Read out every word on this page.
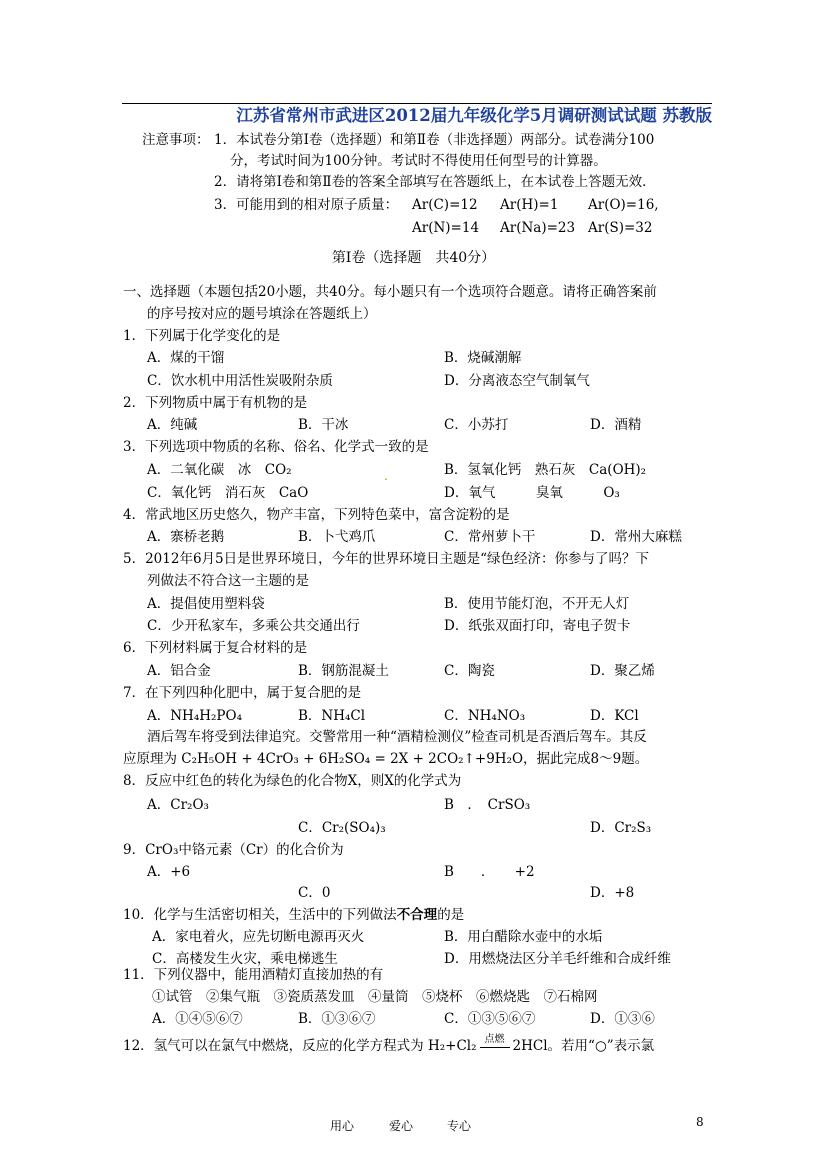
江苏省常州市武进区2012届九年级化学5月调研测试试题 苏教版
注意事项： 1．本试卷分第Ⅰ卷（选择题）和第Ⅱ卷（非选择题）两部分。试卷满分100
分，考试时间为100分钟。考试时不得使用任何型号的计算器。
2．请将第Ⅰ卷和第Ⅱ卷的答案全部填写在答题纸上，在本试卷上答题无效．
3．可能用到的相对原子质量： Ar(C)=12 Ar(H)=1 Ar(O)=16,
Ar(N)=14 Ar(Na)=23 Ar(S)=32
第Ⅰ卷（选择题　共40分）
一、选择题（本题包括20小题，共40分。每小题只有一个选项符合题意。请将正确答案前
的序号按对应的题号填涂在答题纸上）
1．下列属于化学变化的是
A．煤的干馏	B．烧碱潮解
C．饮水机中用活性炭吸附杂质	D．分离液态空气制氧气
2．下列物质中属于有机物的是
A．纯碱	B．干冰	C．小苏打	D．酒精
3．下列选项中物质的名称、俗名、化学式一致的是
A．二氧化碳　冰　CO₂	.	B．氢氧化钙　熟石灰　Ca(OH)₂
C．氧化钙　消石灰　CaO	D．氧气　　　臭氧　　　O₃
4．常武地区历史悠久，物产丰富，下列特色菜中，富含淀粉的是
A．寨桥老鹅	B．卜弋鸡爪	C．常州萝卜干	D．常州大麻糕
5．2012年6月5日是世界环境日，今年的世界环境日主题是“绿色经济：你参与了吗？下
列做法不符合这一主题的是
A．提倡使用塑料袋	B．使用节能灯泡，不开无人灯
C．少开私家车，多乘公共交通出行	D．纸张双面打印，寄电子贺卡
6．下列材料属于复合材料的是
A．铝合金	B．钢筋混凝土	C．陶瓷	D．聚乙烯
7．在下列四种化肥中，属于复合肥的是
A．NH₄H₂PO₄	B．NH₄Cl	C．NH₄NO₃	D．KCl
酒后驾车将受到法律追究。交警常用一种“酒精检测仪”检查司机是否酒后驾车。其反
应原理为 C₂H₅OH + 4CrO₃ + 6H₂SO₄ = 2X + 2CO₂↑+9H₂O，据此完成8～9题。
8．反应中红色的转化为绿色的化合物X，则X的化学式为
A．Cr₂O₃	B　．　CrSO₃
C．Cr₂(SO₄)₃	D．Cr₂S₃
9．CrO₃中铬元素（Cr）的化合价为
A．+6	B　　．　　+2
C．0	D．+8
10．化学与生活密切相关，生活中的下列做法不合理的是
A．家电着火，应先切断电源再灭火	B．用白醋除水壶中的水垢
C．高楼发生火灾，乘电梯逃生	D．用燃烧法区分羊毛纤维和合成纤维
11．下列仪器中，能用酒精灯直接加热的有
①试管　②集气瓶　③瓷质蒸发皿　④量筒　⑤烧杯　⑥燃烧匙　⑦石棉网
A．①④⑤⑥⑦	B．①③⑥⑦	C．①③⑤⑥⑦	D．①③⑥
12．氢气可以在氯气中燃烧，反应的化学方程式为 H₂+Cl₂ 点燃 2HCl。若用“○”表示氯
用心	爱心	专心	8
